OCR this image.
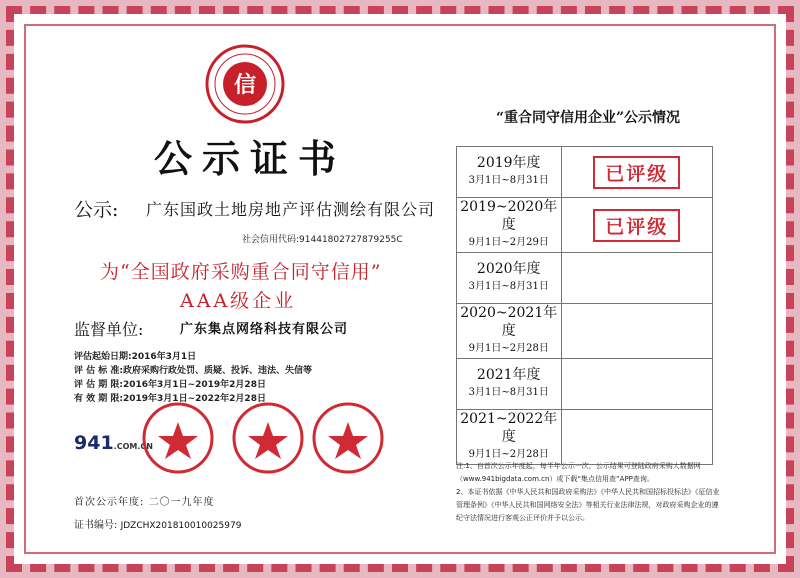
信
公示证书
公示: 广东国政土地房地产评估测绘有限公司
社会信用代码:91441802727879255C
为“全国政府采购重合同守信用”
AAA级企业
监督单位:	广东集点网络科技有限公司
评估起始日期:2016年3月1日
评 估 标 准:政府采购行政处罚、质疑、投诉、违法、失信等
评 估 期 限:2016年3月1日~2019年2月28日
有 效 期 限:2019年3月1日~2022年2月28日
941.COM.CN
首次公示年度: 二〇一九年度
证书编号: JDZCHX201810010025979
“重合同守信用企业”公示情况
2019年度
3月1日~8月31日	已评级

2019~2020年度
9月1日~2月29日	已评级

2020年度
3月1日~8月31日	

2020~2021年度
9月1日~2月28日	

2021年度
3月1日~8月31日	

2021~2022年度
9月1日~2月28日	

注:1、自首次公示年度起，每半年公示一次，公示结果可登陆政府采购大数据网（www.941bigdata.com.cn）或下载“集点信用查”APP查询。
2、本证书依据《中华人民共和国政府采购法》《中华人民共和国招标投标法》《征信业管理条例》《中华人民共和国网络安全法》等相关行业法律法规，对政府采购企业的遵纪守法情况进行客观公正评价并予以公示。
